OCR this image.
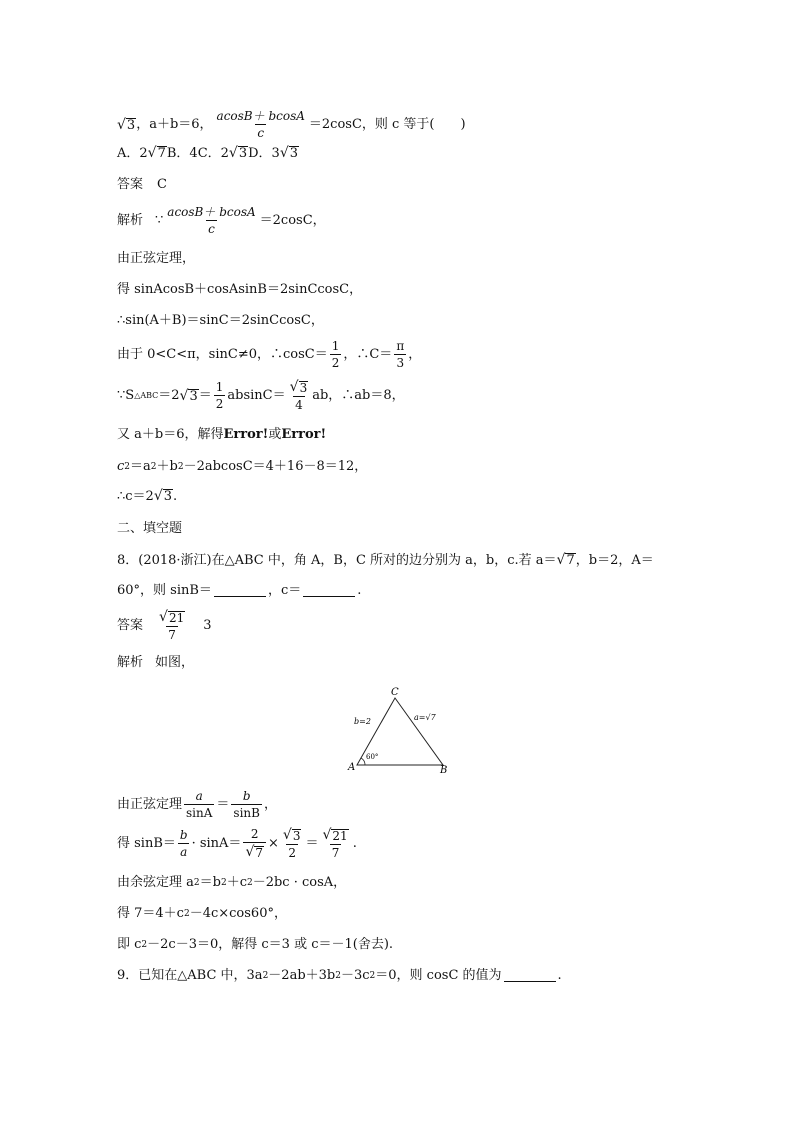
√ 3 ，a＋b＝6， $\frac{acosB+ bcosA}{c} =2\cos C$，则 c 等于(　　)
A．2 √ 7 B．4C．2 √ 3 D．3 √ 3
答案 C
解析 ∵ $\frac{acosB+ bcosA}{c} =2\cos C$，
由正弦定理，
得 sinAcosB＋cosAsinB＝2sinCcosC，
∴sin(A＋B)＝sinC＝2sinCcosC，
由于 0<C<π，sinC≠0，∴cosC＝ $\frac{1}{2}$ ，∴C＝ $\frac{\pi}{3}$ ，
∵S △ABC ＝2 √ $3 = \frac{1}{2} absinC= \frac{√ 3}{4}$ ab，∴ab＝8，
又 a＋b＝6，解得 Error! 或 Error!
c 2 ＝a 2 ＋b 2 －2abcosC＝4＋16－8＝12，
∴c＝2 √ 3 .
二、填空题
8．(2018·浙江)在△ABC 中，角 A，B，C 所对的边分别为 a，b，c.若 a＝ √ 7 ，b＝2，A＝
60°，则 sinB＝	，c＝	.
答案 $\frac{√ 21}{7} 3$
解析 如图，
C
A	B
b=2	a=√7
60°
由正弦定理 $\frac{a}{\sin A} = \frac{b}{\sin B}$ ，
得 $\sin B= \frac{b}{a} \cdot \sin A= \frac{2}{√ 7} \times \frac{√ 3}{2} = \frac{√ 21}{7}$ .
由余弦定理 a 2 ＝b 2 ＋c 2 －2bc · cosA，
得 7＝4＋c 2 －4c×cos60°，
即 c 2 －2c－3＝0，解得 c＝3 或 c＝－1(舍去).
9．已知在△ABC 中，3a 2 －2ab＋3b 2 －3c 2 ＝0，则 cosC 的值为	.
